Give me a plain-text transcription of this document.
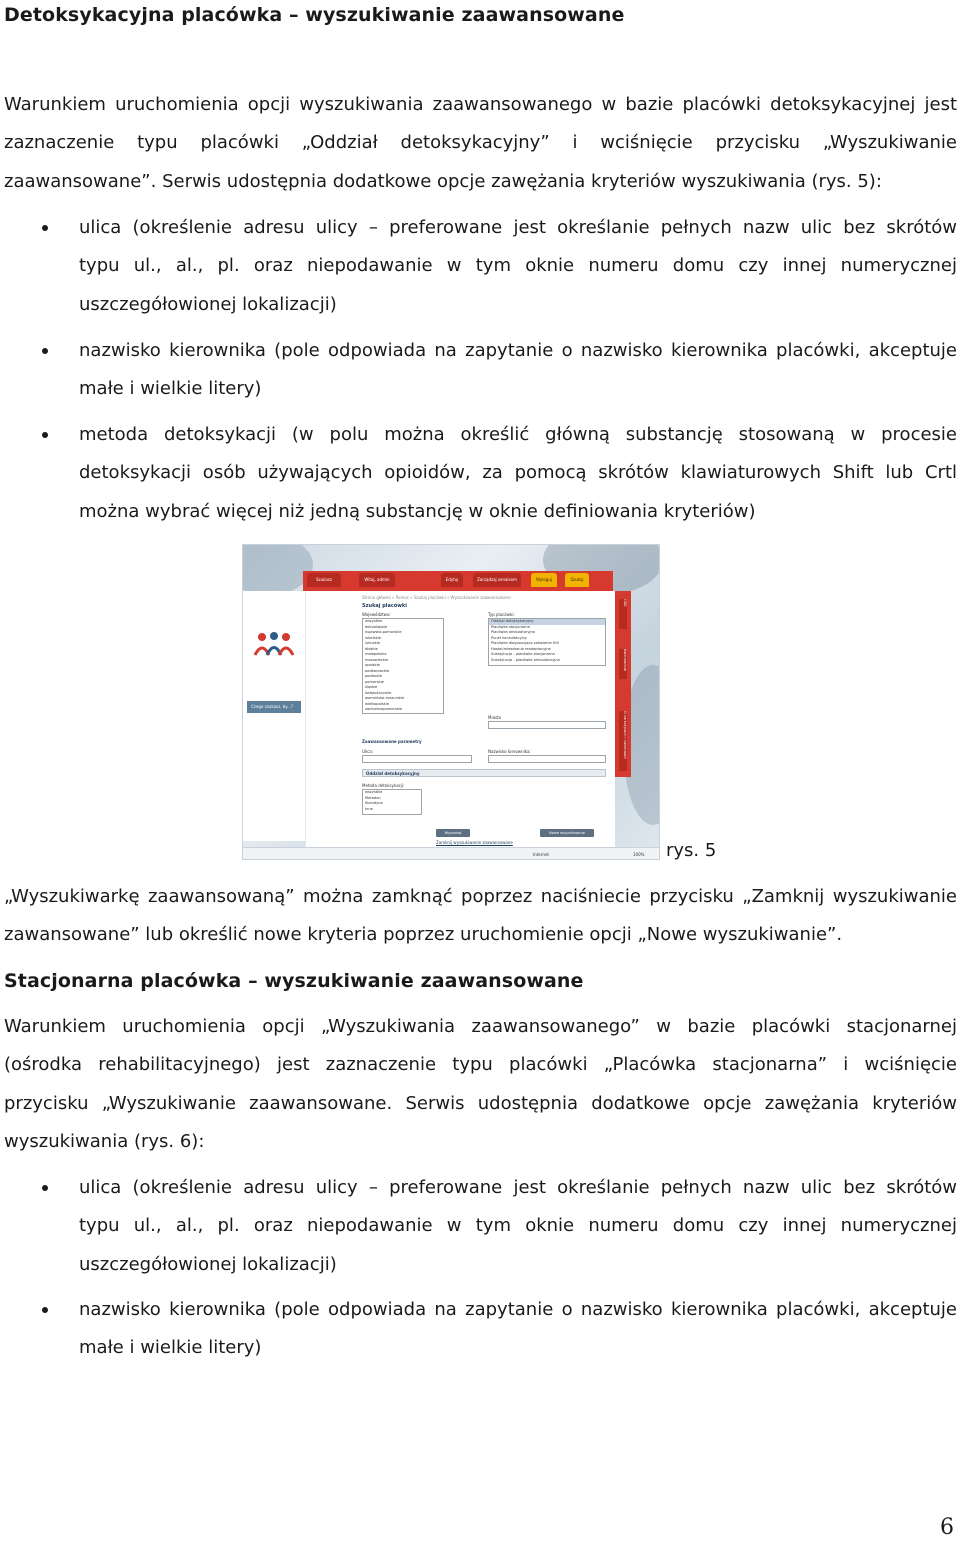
Detoksykacyjna placówka – wyszukiwanie zaawansowane
Warunkiem uruchomienia opcji wyszukiwania zaawansowanego w bazie placówki detoksykacyjnej jest
zaznaczenie typu placówki „Oddział detoksykacyjny” i wciśnięcie przycisku „Wyszukiwanie
zaawansowane”. Serwis udostępnia dodatkowe opcje zawężania kryteriów wyszukiwania (rys. 5):
ulica (określenie adresu ulicy – preferowane jest określanie pełnych nazw ulic bez skrótów
typu ul., al., pl. oraz niepodawanie w tym oknie numeru domu czy innej numerycznej
uszczegółowionej lokalizacji)
nazwisko kierownika (pole odpowiada na zapytanie o nazwisko kierownika placówki, akceptuje
małe i wielkie litery)
metoda detoksykacji (w polu można określić główną substancję stosowaną w procesie
detoksykacji osób używających opioidów, za pomocą skrótów klawiaturowych Shift lub Crtl
można wybrać więcej niż jedną substancję w oknie definiowania kryteriów)
Szukasz	Witaj, admin	Edytuj	Zarządzaj serwisem	Wyloguj	Szukaj
Czego szukasz, by...?
Strona główna » Pomoc » Szukaj placówki » Wyszukiwanie zaawansowane
Szukaj placówki
Województwo:
wszystkie
dolnośląskie
kujawsko-pomorskie
lubelskie
lubuskie
łódzkie
małopolskie
mazowieckie
opolskie
podkarpackie
podlaskie
pomorskie
śląskie
świętokrzyskie
warmińsko-mazurskie
wielkopolskie
zachodniopomorskie
Typ placówki:
Oddział detoksykacyjny
Placówka stacjonarna
Placówka ambulatoryjna
Punkt konsultacyjny
Placówka diagnozująca zakażenie HIV
Hostel/mieszkania readaptacyjne
Substytucja - placówka stacjonarna
Substytucja - placówka ambulatoryjna
Miasto
Zaawansowane parametry
Ulica:	Nazwisko kierownika:
Oddział detoksykacyjny
Metoda detoksykacji:
wszystkie
Metadon
Klonidyna
Inne
Wyszukaj	Nowe wyszukiwanie
Zamknij wyszukiwanie zaawansowane
CBO
Kalendarium
O narkotykach i narkomanii
Internet	100% rys. 5
„Wyszukiwarkę zaawansowaną” można zamknąć poprzez naciśniecie przycisku „Zamknij wyszukiwanie
zawansowane” lub określić nowe kryteria poprzez uruchomienie opcji „Nowe wyszukiwanie”.
Stacjonarna placówka – wyszukiwanie zaawansowane
Warunkiem uruchomienia opcji „Wyszukiwania zaawansowanego” w bazie placówki stacjonarnej
(ośrodka rehabilitacyjnego) jest zaznaczenie typu placówki „Placówka stacjonarna” i wciśnięcie
przycisku „Wyszukiwanie zaawansowane. Serwis udostępnia dodatkowe opcje zawężania kryteriów
wyszukiwania (rys. 6):
ulica (określenie adresu ulicy – preferowane jest określanie pełnych nazw ulic bez skrótów
typu ul., al., pl. oraz niepodawanie w tym oknie numeru domu czy innej numerycznej
uszczegółowionej lokalizacji)
nazwisko kierownika (pole odpowiada na zapytanie o nazwisko kierownika placówki, akceptuje
małe i wielkie litery)
6
